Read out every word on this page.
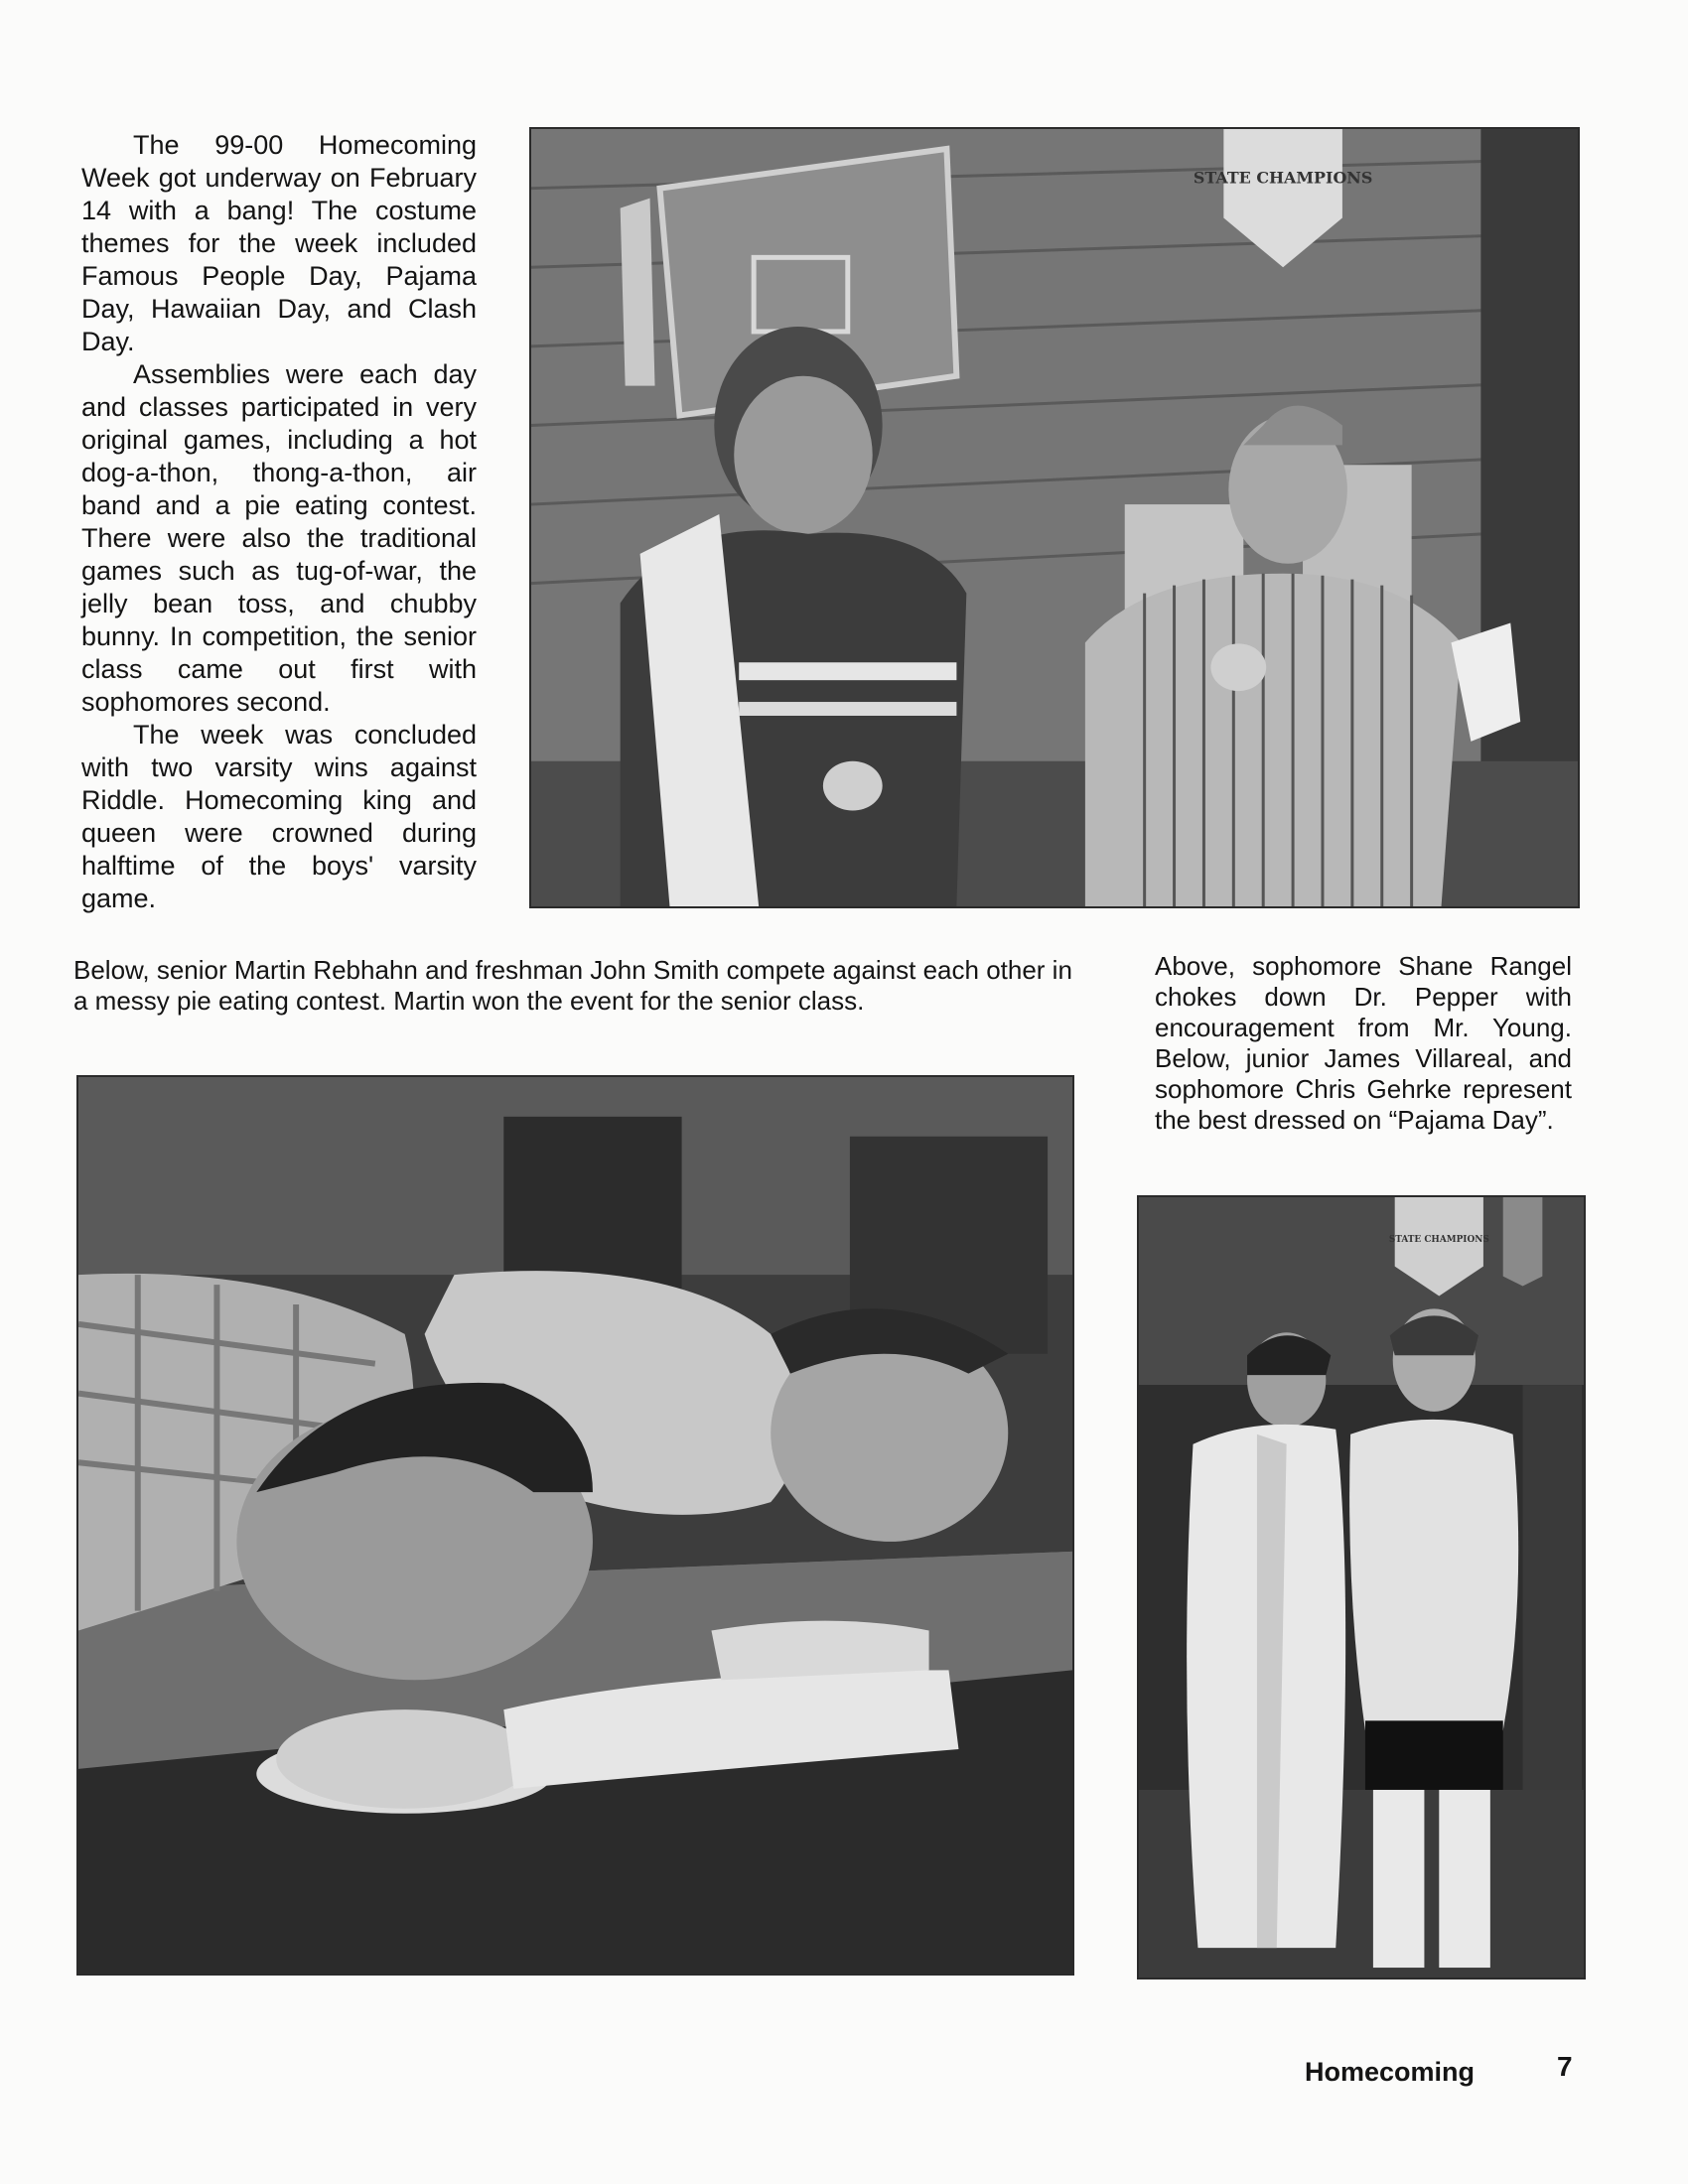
The 99-00 Homecoming Week got underway on February 14 with a bang! The costume themes for the week included Famous People Day, Pajama Day, Hawaiian Day, and Clash Day.

Assemblies were each day and classes participated in very original games, including a hot dog-a-thon, thong-a-thon, air band and a pie eating contest. There were also the traditional games such as tug-of-war, the jelly bean toss, and chubby bunny. In competition, the senior class came out first with sophomores second.

The week was concluded with two varsity wins against Riddle. Homecoming king and queen were crowned during halftime of the boys' varsity game.

STATE CHAMPIONS

Below, senior Martin Rebhahn and freshman John Smith compete against each other in a messy pie eating contest. Martin won the event for the senior class.

Above, sophomore Shane Rangel chokes down Dr. Pepper with encouragement from Mr. Young. Below, junior James Villareal, and sophomore Chris Gehrke represent the best dressed on “Pajama Day”.

STATE CHAMPIONS

Homecoming	7
